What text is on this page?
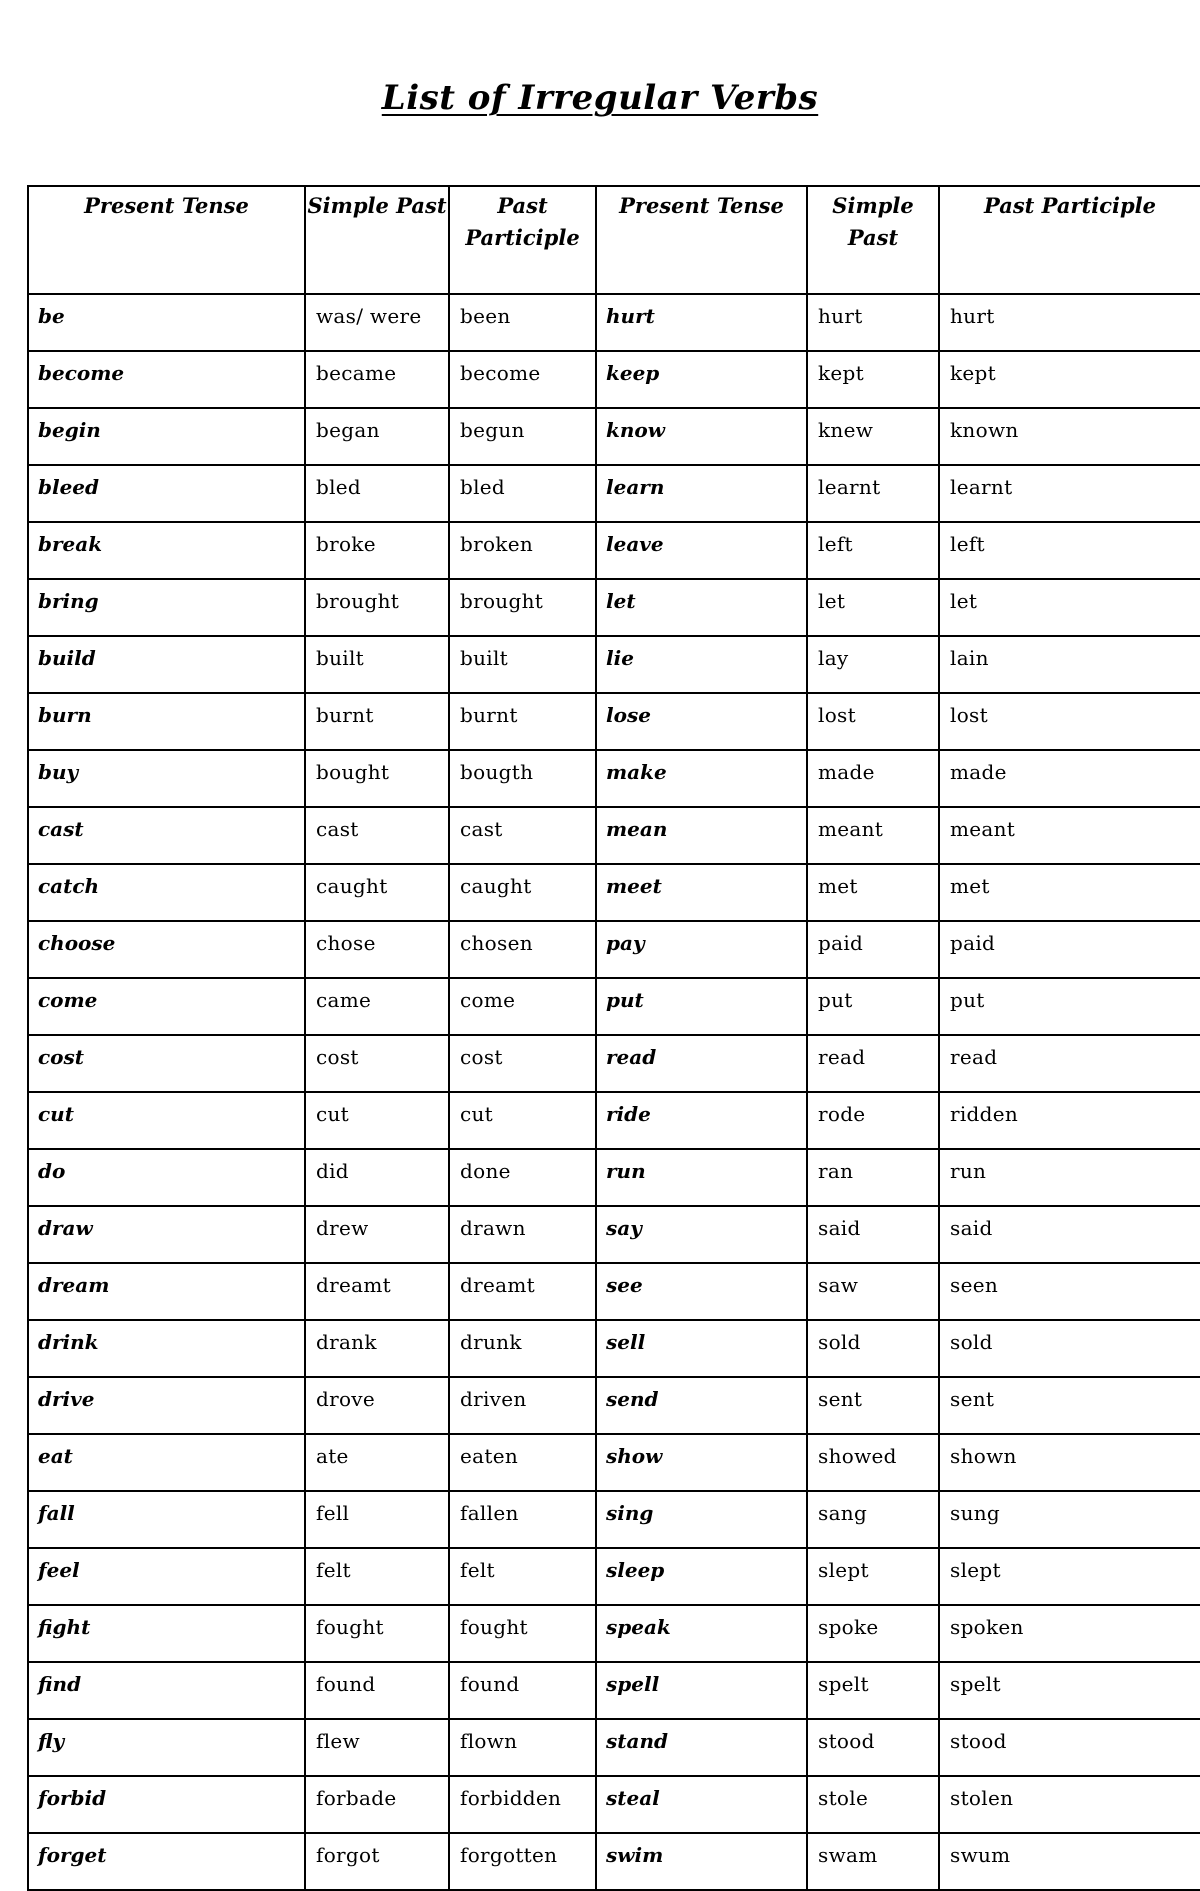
List of Irregular Verbs
Present Tense	Simple Past	Past Participle	Present Tense	Simple Past	Past Participle
be	was/ were	been	hurt	hurt	hurt
become	became	become	keep	kept	kept
begin	began	begun	know	knew	known
bleed	bled	bled	learn	learnt	learnt
break	broke	broken	leave	left	left
bring	brought	brought	let	let	let
build	built	built	lie	lay	lain
burn	burnt	burnt	lose	lost	lost
buy	bought	bougth	make	made	made
cast	cast	cast	mean	meant	meant
catch	caught	caught	meet	met	met
choose	chose	chosen	pay	paid	paid
come	came	come	put	put	put
cost	cost	cost	read	read	read
cut	cut	cut	ride	rode	ridden
do	did	done	run	ran	run
draw	drew	drawn	say	said	said
dream	dreamt	dreamt	see	saw	seen
drink	drank	drunk	sell	sold	sold
drive	drove	driven	send	sent	sent
eat	ate	eaten	show	showed	shown
fall	fell	fallen	sing	sang	sung
feel	felt	felt	sleep	slept	slept
fight	fought	fought	speak	spoke	spoken
find	found	found	spell	spelt	spelt
fly	flew	flown	stand	stood	stood
forbid	forbade	forbidden	steal	stole	stolen
forget	forgot	forgotten	swim	swam	swum
